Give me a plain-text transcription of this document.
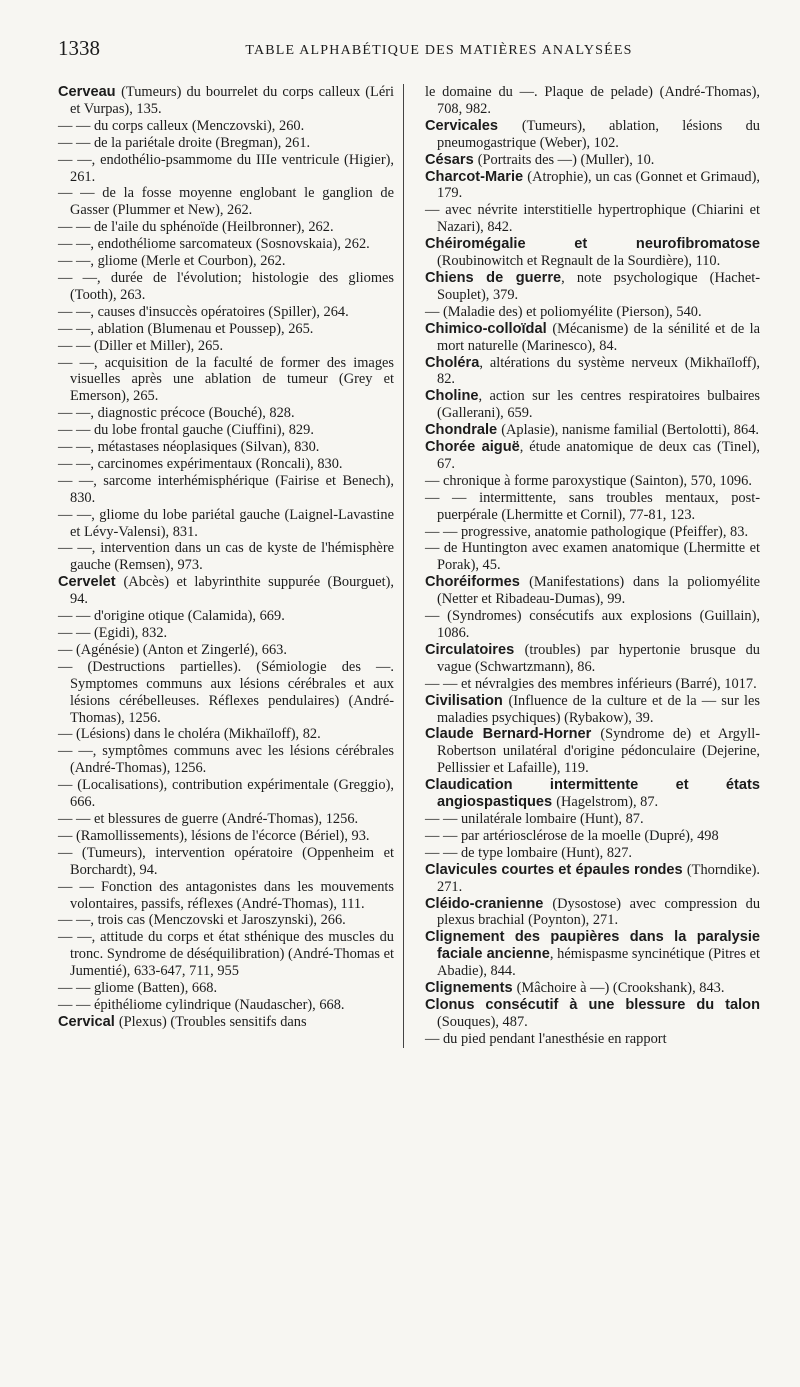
1338	TABLE ALPHABÉTIQUE DES MATIÈRES ANALYSÉES

Cerveau (Tumeurs) du bourrelet du corps calleux (Léri et Vurpas), 135.

— — du corps calleux (Menczovski), 260.

— — de la pariétale droite (Bregman), 261.

— —, endothélio-psammome du IIIe ventricule (Higier), 261.

— — de la fosse moyenne englobant le ganglion de Gasser (Plummer et New), 262.

— — de l'aile du sphénoïde (Heilbronner), 262.

— —, endothéliome sarcomateux (Sosnovskaia), 262.

— —, gliome (Merle et Courbon), 262.

— —, durée de l'évolution; histologie des gliomes (Tooth), 263.

— —, causes d'insuccès opératoires (Spiller), 264.

— —, ablation (Blumenau et Poussep), 265.

— — (Diller et Miller), 265.

— —, acquisition de la faculté de former des images visuelles après une ablation de tumeur (Grey et Emerson), 265.

— —, diagnostic précoce (Bouché), 828.

— — du lobe frontal gauche (Ciuffini), 829.

— —, métastases néoplasiques (Silvan), 830.

— —, carcinomes expérimentaux (Roncali), 830.

— —, sarcome interhémisphérique (Fairise et Benech), 830.

— —, gliome du lobe pariétal gauche (Laignel-Lavastine et Lévy-Valensi), 831.

— —, intervention dans un cas de kyste de l'hémisphère gauche (Remsen), 973.

Cervelet (Abcès) et labyrinthite suppurée (Bourguet), 94.

— — d'origine otique (Calamida), 669.

— — (Egidi), 832.

— (Agénésie) (Anton et Zingerlé), 663.

— (Destructions partielles). (Sémiologie des —. Symptomes communs aux lésions cérébrales et aux lésions cérébelleuses. Réflexes pendulaires) (André-Thomas), 1256.

— (Lésions) dans le choléra (Mikhaïloff), 82.

— —, symptômes communs avec les lésions cérébrales (André-Thomas), 1256.

— (Localisations), contribution expérimentale (Greggio), 666.

— — et blessures de guerre (André-Thomas), 1256.

— (Ramollissements), lésions de l'écorce (Bériel), 93.

— (Tumeurs), intervention opératoire (Oppenheim et Borchardt), 94.

— — Fonction des antagonistes dans les mouvements volontaires, passifs, réflexes (André-Thomas), 111.

— —, trois cas (Menczovski et Jaroszynski), 266.

— —, attitude du corps et état sthénique des muscles du tronc. Syndrome de déséquilibration) (André-Thomas et Jumentié), 633-647, 711, 955

— — gliome (Batten), 668.

— — épithéliome cylindrique (Naudascher), 668.

Cervical (Plexus) (Troubles sensitifs dans

le domaine du —. Plaque de pelade) (André-Thomas), 708, 982.

Cervicales (Tumeurs), ablation, lésions du pneumogastrique (Weber), 102.

Césars (Portraits des —) (Muller), 10.

Charcot-Marie (Atrophie), un cas (Gonnet et Grimaud), 179.

— avec névrite interstitielle hypertrophique (Chiarini et Nazari), 842.

Chéiromégalie et neurofibromatose (Roubinowitch et Regnault de la Sourdière), 110.

Chiens de guerre, note psychologique (Hachet-Souplet), 379.

— (Maladie des) et poliomyélite (Pierson), 540.

Chimico-colloïdal (Mécanisme) de la sénilité et de la mort naturelle (Marinesco), 84.

Choléra, altérations du système nerveux (Mikhaïloff), 82.

Choline, action sur les centres respiratoires bulbaires (Gallerani), 659.

Chondrale (Aplasie), nanisme familial (Bertolotti), 864.

Chorée aiguë, étude anatomique de deux cas (Tinel), 67.

— chronique à forme paroxystique (Sainton), 570, 1096.

— — intermittente, sans troubles mentaux, post-puerpérale (Lhermitte et Cornil), 77-81, 123.

— — progressive, anatomie pathologique (Pfeiffer), 83.

— de Huntington avec examen anatomique (Lhermitte et Porak), 45.

Choréiformes (Manifestations) dans la poliomyélite (Netter et Ribadeau-Dumas), 99.

— (Syndromes) consécutifs aux explosions (Guillain), 1086.

Circulatoires (troubles) par hypertonie brusque du vague (Schwartzmann), 86.

— — et névralgies des membres inférieurs (Barré), 1017.

Civilisation (Influence de la culture et de la — sur les maladies psychiques) (Rybakow), 39.

Claude Bernard-Horner (Syndrome de) et Argyll-Robertson unilatéral d'origine pédonculaire (Dejerine, Pellissier et Lafaille), 119.

Claudication intermittente et états angiospastiques (Hagelstrom), 87.

— — unilatérale lombaire (Hunt), 87.

— — par artériosclérose de la moelle (Dupré), 498

— — de type lombaire (Hunt), 827.

Clavicules courtes et épaules rondes (Thorndike). 271.

Cléido-cranienne (Dysostose) avec compression du plexus brachial (Poynton), 271.

Clignement des paupières dans la paralysie faciale ancienne, hémispasme syncinétique (Pitres et Abadie), 844.

Clignements (Mâchoire à —) (Crookshank), 843.

Clonus consécutif à une blessure du talon (Souques), 487.

— du pied pendant l'anesthésie en rapport
